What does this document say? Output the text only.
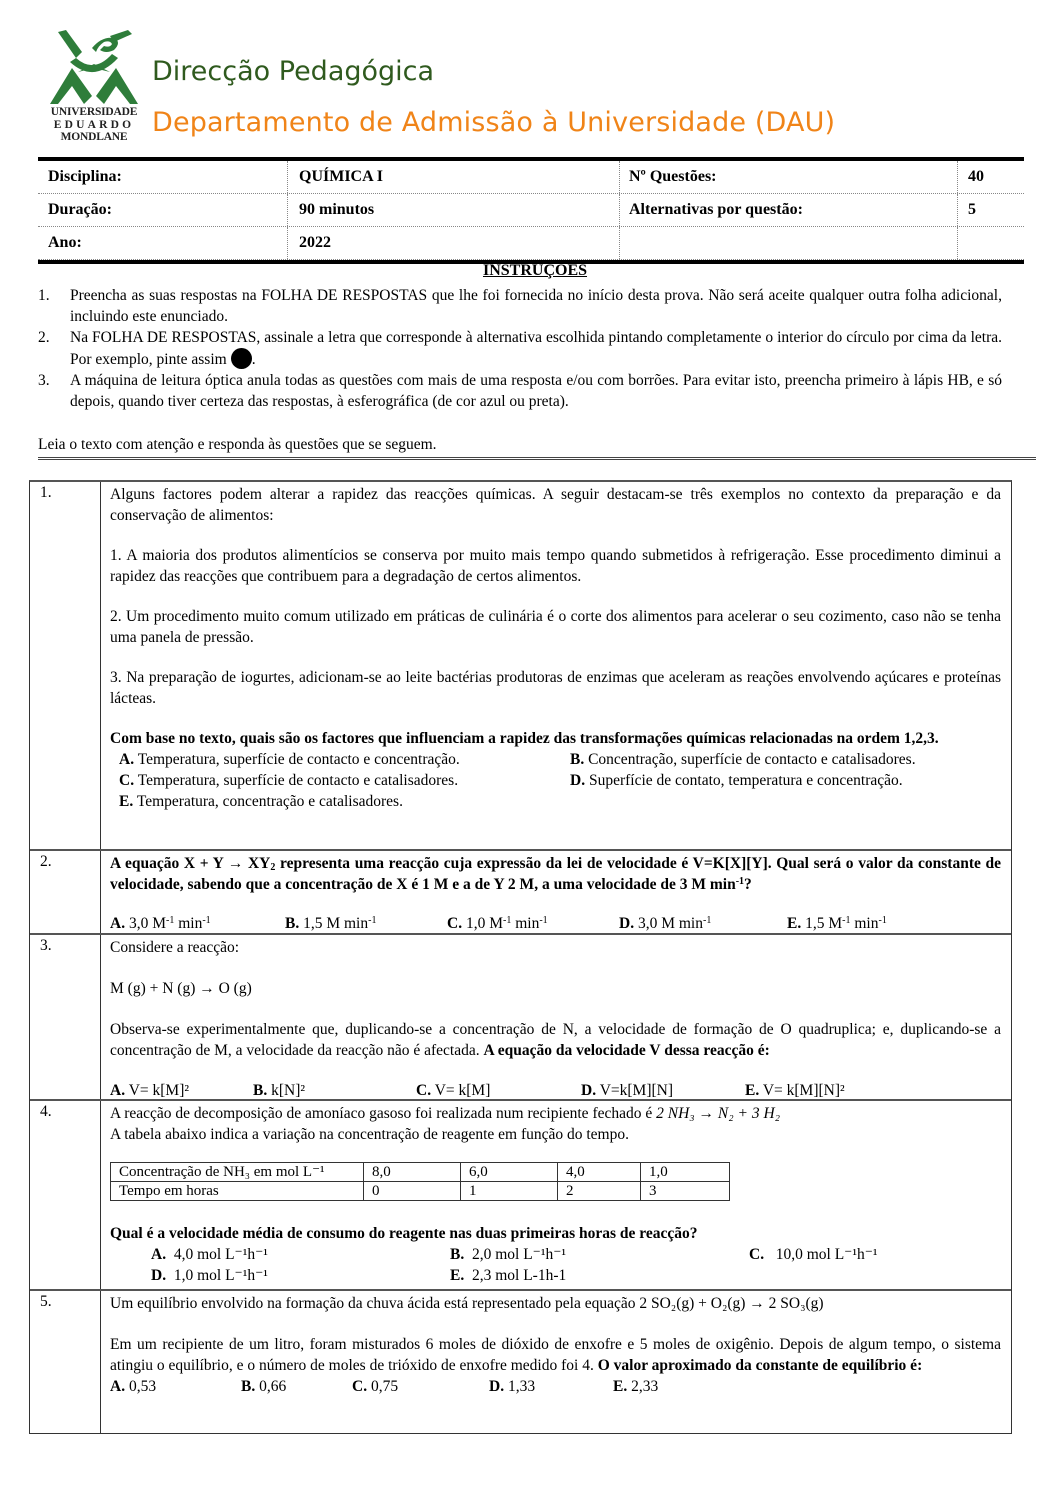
UNIVERSIDADE
EDUARDO
MONDLANE
Direcção Pedagógica
Departamento de Admissão à Universidade (DAU)
Disciplina:	QUÍMICA I	Nº Questões:	40
Duração:	90 minutos	Alternativas por questão:	5
Ano:	2022
INSTRUÇÕES
1.	Preencha as suas respostas na FOLHA DE RESPOSTAS que lhe foi fornecida no início desta prova. Não será aceite qualquer outra folha adicional, incluindo este enunciado.
2.	Na FOLHA DE RESPOSTAS, assinale a letra que corresponde à alternativa escolhida pintando completamente o interior do círculo por cima da letra. Por exemplo, pinte assim .
3.	A máquina de leitura óptica anula todas as questões com mais de uma resposta e/ou com borrões. Para evitar isto, preencha primeiro à lápis HB, e só depois, quando tiver certeza das respostas, à esferográfica (de cor azul ou preta).
Leia o texto com atenção e responda às questões que se seguem.
1.	Alguns factores podem alterar a rapidez das reacções químicas. A seguir destacam-se três exemplos no contexto da preparação e da conservação de alimentos:

1. A maioria dos produtos alimentícios se conserva por muito mais tempo quando submetidos à refrigeração. Esse procedimento diminui a rapidez das reacções que contribuem para a degradação de certos alimentos.

2. Um procedimento muito comum utilizado em práticas de culinária é o corte dos alimentos para acelerar o seu cozimento, caso não se tenha uma panela de pressão.

3. Na preparação de iogurtes, adicionam-se ao leite bactérias produtoras de enzimas que aceleram as reações envolvendo açúcares e proteínas lácteas.

Com base no texto, quais são os factores que influenciam a rapidez das transformações químicas relacionadas na ordem 1,2,3.

A. Temperatura, superfície de contacto e concentração.	B. Concentração, superfície de contacto e catalisadores.
C. Temperatura, superfície de contacto e catalisadores.	D. Superfície de contato, temperatura e concentração.
E. Temperatura, concentração e catalisadores.
2.	A equação $X + Y \to XY_2$ representa uma reacção cuja expressão da lei de velocidade é V=K[X][Y]. Qual será o valor da constante de velocidade, sabendo que a concentração de X é 1 M e a de Y 2 M, a uma velocidade de 3 M $\min^{-1}$?

A. 3,0 $M^{-1}$ $\min^{-1}$	B. 1,5 M $\min^{-1}$	C. 1,0 $M^{-1}$ $\min^{-1}$	D. 3,0 M $\min^{-1}$	E. 1,5 $M^{-1}$ $\min^{-1}$
3.	Considere a reacção:

M (g) + N (g) → O (g)

Observa-se experimentalmente que, duplicando-se a concentração de N, a velocidade de formação de O quadruplica; e, duplicando-se a concentração de M, a velocidade da reacção não é afectada. A equação da velocidade V dessa reacção é:

A. V= k[M]²	B. k[N]²	C. V= k[M]	D. V=k[M][N]	E. V= k[M][N]²
4.	A reacção de decomposição de amoníaco gasoso foi realizada num recipiente fechado é 2 NH₃ → N₂ + 3 H₂

A tabela abaixo indica a variação na concentração de reagente em função do tempo.

Concentração de NH₃ em mol L⁻¹	8,0	6,0	4,0	1,0
Tempo em horas	0	1	2	3

Qual é a velocidade média de consumo do reagente nas duas primeiras horas de reacção?

A. 4,0 mol L⁻¹h⁻¹	B. 2,0 mol L⁻¹h⁻¹	C. 10,0 mol L⁻¹h⁻¹
D. 1,0 mol L⁻¹h⁻¹	E. 2,3 mol L-1h-1
5.	Um equilíbrio envolvido na formação da chuva ácida está representado pela equação 2 SO₂(g) + O₂(g) → 2 SO₃(g)

Em um recipiente de um litro, foram misturados 6 moles de dióxido de enxofre e 5 moles de oxigênio. Depois de algum tempo, o sistema atingiu o equilíbrio, e o número de moles de trióxido de enxofre medido foi 4. O valor aproximado da constante de equilíbrio é:

A. 0,53	B. 0,66	C. 0,75	D. 1,33	E. 2,33
